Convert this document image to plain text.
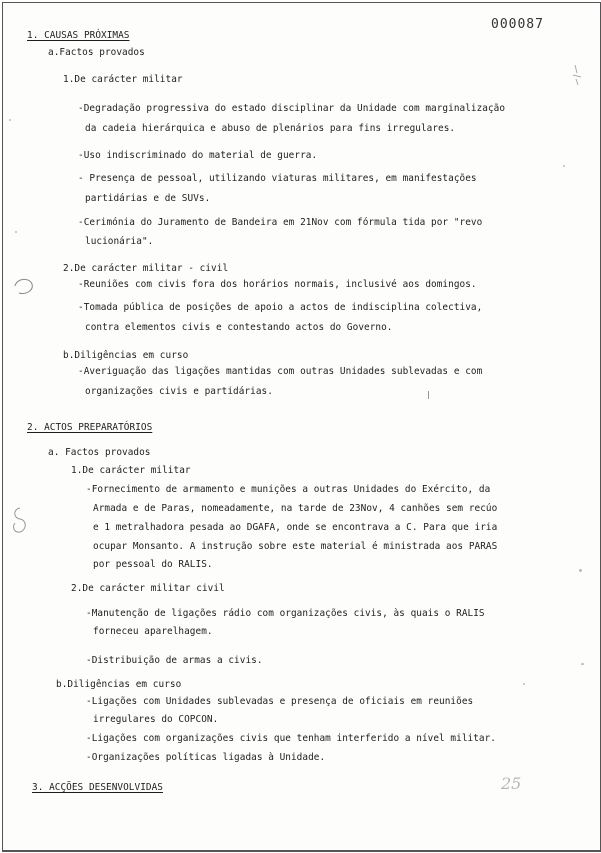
000087
1. CAUSAS PRÓXIMAS
a.Factos provados
1.De carácter militar
-Degradação progressiva do estado disciplinar da Unidade com marginalização
da cadeia hierárquica e abuso de plenários para fins irregulares.
-Uso indiscriminado do material de guerra.
- Presença de pessoal, utilizando viaturas militares, em manifestações
partidárias e de SUVs.
-Cerimónia do Juramento de Bandeira em 21Nov com fórmula tida por "revo
lucionária".
2.De carácter militar - civil
-Reuniões com civis fora dos horários normais, inclusivé aos domingos.
-Tomada pública de posições de apoio a actos de indisciplina colectiva,
contra elementos civis e contestando actos do Governo.
b.Diligências em curso
-Averiguação das ligações mantidas com outras Unidades sublevadas e com
organizações civis e partidárias.
2. ACTOS PREPARATÓRIOS
a. Factos provados
1.De carácter militar
-Fornecimento de armamento e munições a outras Unidades do Exército, da
Armada e de Paras, nomeadamente, na tarde de 23Nov, 4 canhões sem recúo
e 1 metralhadora pesada ao DGAFA, onde se encontrava a C. Para que iria
ocupar Monsanto. A instrução sobre este material é ministrada aos PARAS
por pessoal do RALIS.
2.De carácter militar civil
-Manutenção de ligações rádio com organizações civis, às quais o RALIS
forneceu aparelhagem.
-Distribuição de armas a civis.
b.Diligências em curso
-Ligações com Unidades sublevadas e presença de oficiais em reuniões
irregulares do COPCON.
-Ligações com organizações civis que tenham interferido a nível militar.
-Organizações políticas ligadas à Unidade.
3. ACÇÕES DESENVOLVIDAS	25
